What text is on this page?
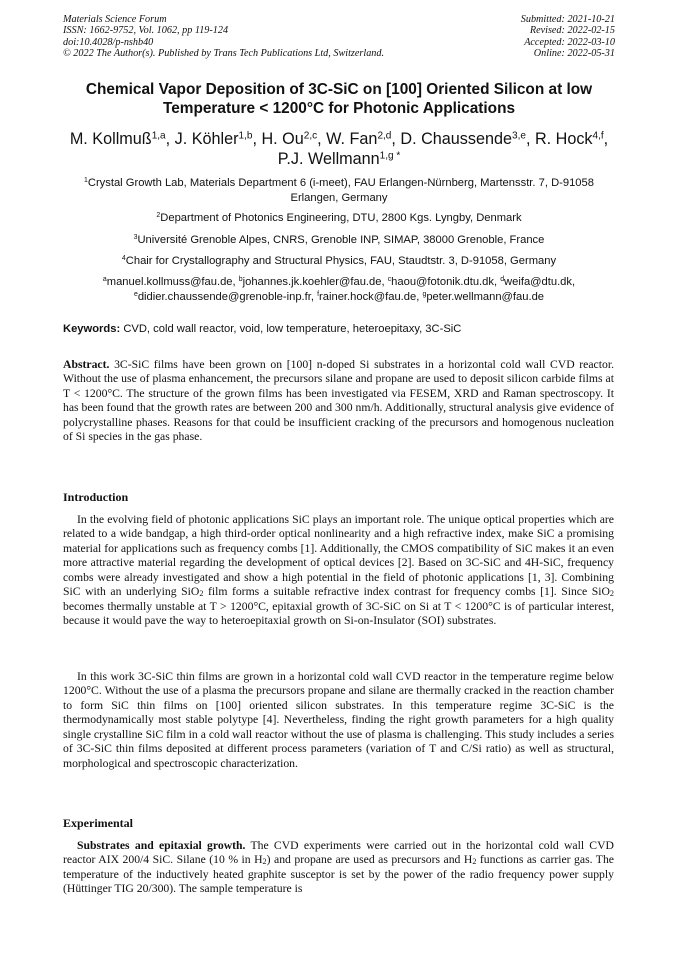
Materials Science Forum
ISSN: 1662-9752, Vol. 1062, pp 119-124
doi:10.4028/p-nshb40
© 2022 The Author(s). Published by Trans Tech Publications Ltd, Switzerland.
Submitted: 2021-10-21
Revised: 2022-02-15
Accepted: 2022-03-10
Online: 2022-05-31
Chemical Vapor Deposition of 3C-SiC on [100] Oriented Silicon at low Temperature < 1200°C for Photonic Applications
M. Kollmuß$^{1,a}$, J. Köhler$^{1,b}$, H. Ou$^{2,c}$, W. Fan$^{2,d}$, D. Chaussende$^{3,e}$, R. Hock$^{4,f}$,
P.J. Wellmann$^{1,g *}$
$^1$Crystal Growth Lab, Materials Department 6 (i-meet), FAU Erlangen-Nürnberg, Martensstr. 7, D-91058 Erlangen, Germany
$^2$Department of Photonics Engineering, DTU, 2800 Kgs. Lyngby, Denmark
$^3$Université Grenoble Alpes, CNRS, Grenoble INP, SIMAP, 38000 Grenoble, France
$^4$Chair for Crystallography and Structural Physics, FAU, Staudtstr. 3, D-91058, Germany
$^a$manuel.kollmuss@fau.de, $^b$johannes.jk.koehler@fau.de, $^c$haou@fotonik.dtu.dk, $^d$weifa@dtu.dk,
$^e$didier.chaussende@grenoble-inp.fr, $^f$rainer.hock@fau.de, $^g$peter.wellmann@fau.de
Keywords: CVD, cold wall reactor, void, low temperature, heteroepitaxy, 3C-SiC
Abstract. 3C-SiC films have been grown on [100] n-doped Si substrates in a horizontal cold wall CVD reactor. Without the use of plasma enhancement, the precursors silane and propane are used to deposit silicon carbide films at T < 1200°C. The structure of the grown films has been investigated via FESEM, XRD and Raman spectroscopy. It has been found that the growth rates are between 200 and 300 nm/h. Additionally, structural analysis give evidence of polycrystalline phases. Reasons for that could be insufficient cracking of the precursors and homogenous nucleation of Si species in the gas phase.
Introduction
In the evolving field of photonic applications SiC plays an important role. The unique optical properties which are related to a wide bandgap, a high third-order optical nonlinearity and a high refractive index, make SiC a promising material for applications such as frequency combs [1]. Additionally, the CMOS compatibility of SiC makes it an even more attractive material regarding the development of optical devices [2]. Based on 3C-SiC and 4H-SiC, frequency combs were already investigated and show a high potential in the field of photonic applications [1, 3]. Combining SiC with an underlying SiO$_2$ film forms a suitable refractive index contrast for frequency combs [1]. Since SiO$_2$ becomes thermally unstable at T > 1200°C, epitaxial growth of 3C-SiC on Si at T < 1200°C is of particular interest, because it would pave the way to heteroepitaxial growth on Si-on-Insulator (SOI) substrates.
In this work 3C-SiC thin films are grown in a horizontal cold wall CVD reactor in the temperature regime below 1200°C. Without the use of a plasma the precursors propane and silane are thermally cracked in the reaction chamber to form SiC thin films on [100] oriented silicon substrates. In this temperature regime 3C-SiC is the thermodynamically most stable polytype [4]. Nevertheless, finding the right growth parameters for a high quality single crystalline SiC film in a cold wall reactor without the use of plasma is challenging. This study includes a series of 3C-SiC thin films deposited at different process parameters (variation of T and C/Si ratio) as well as structural, morphological and spectroscopic characterization.
Experimental
Substrates and epitaxial growth. The CVD experiments were carried out in the horizontal cold wall CVD reactor AIX 200/4 SiC. Silane (10 % in $H_2$) and propane are used as precursors and $H_2$ functions as carrier gas. The temperature of the inductively heated graphite susceptor is set by the power of the radio frequency power supply (Hüttinger TIG 20/300). The sample temperature is
